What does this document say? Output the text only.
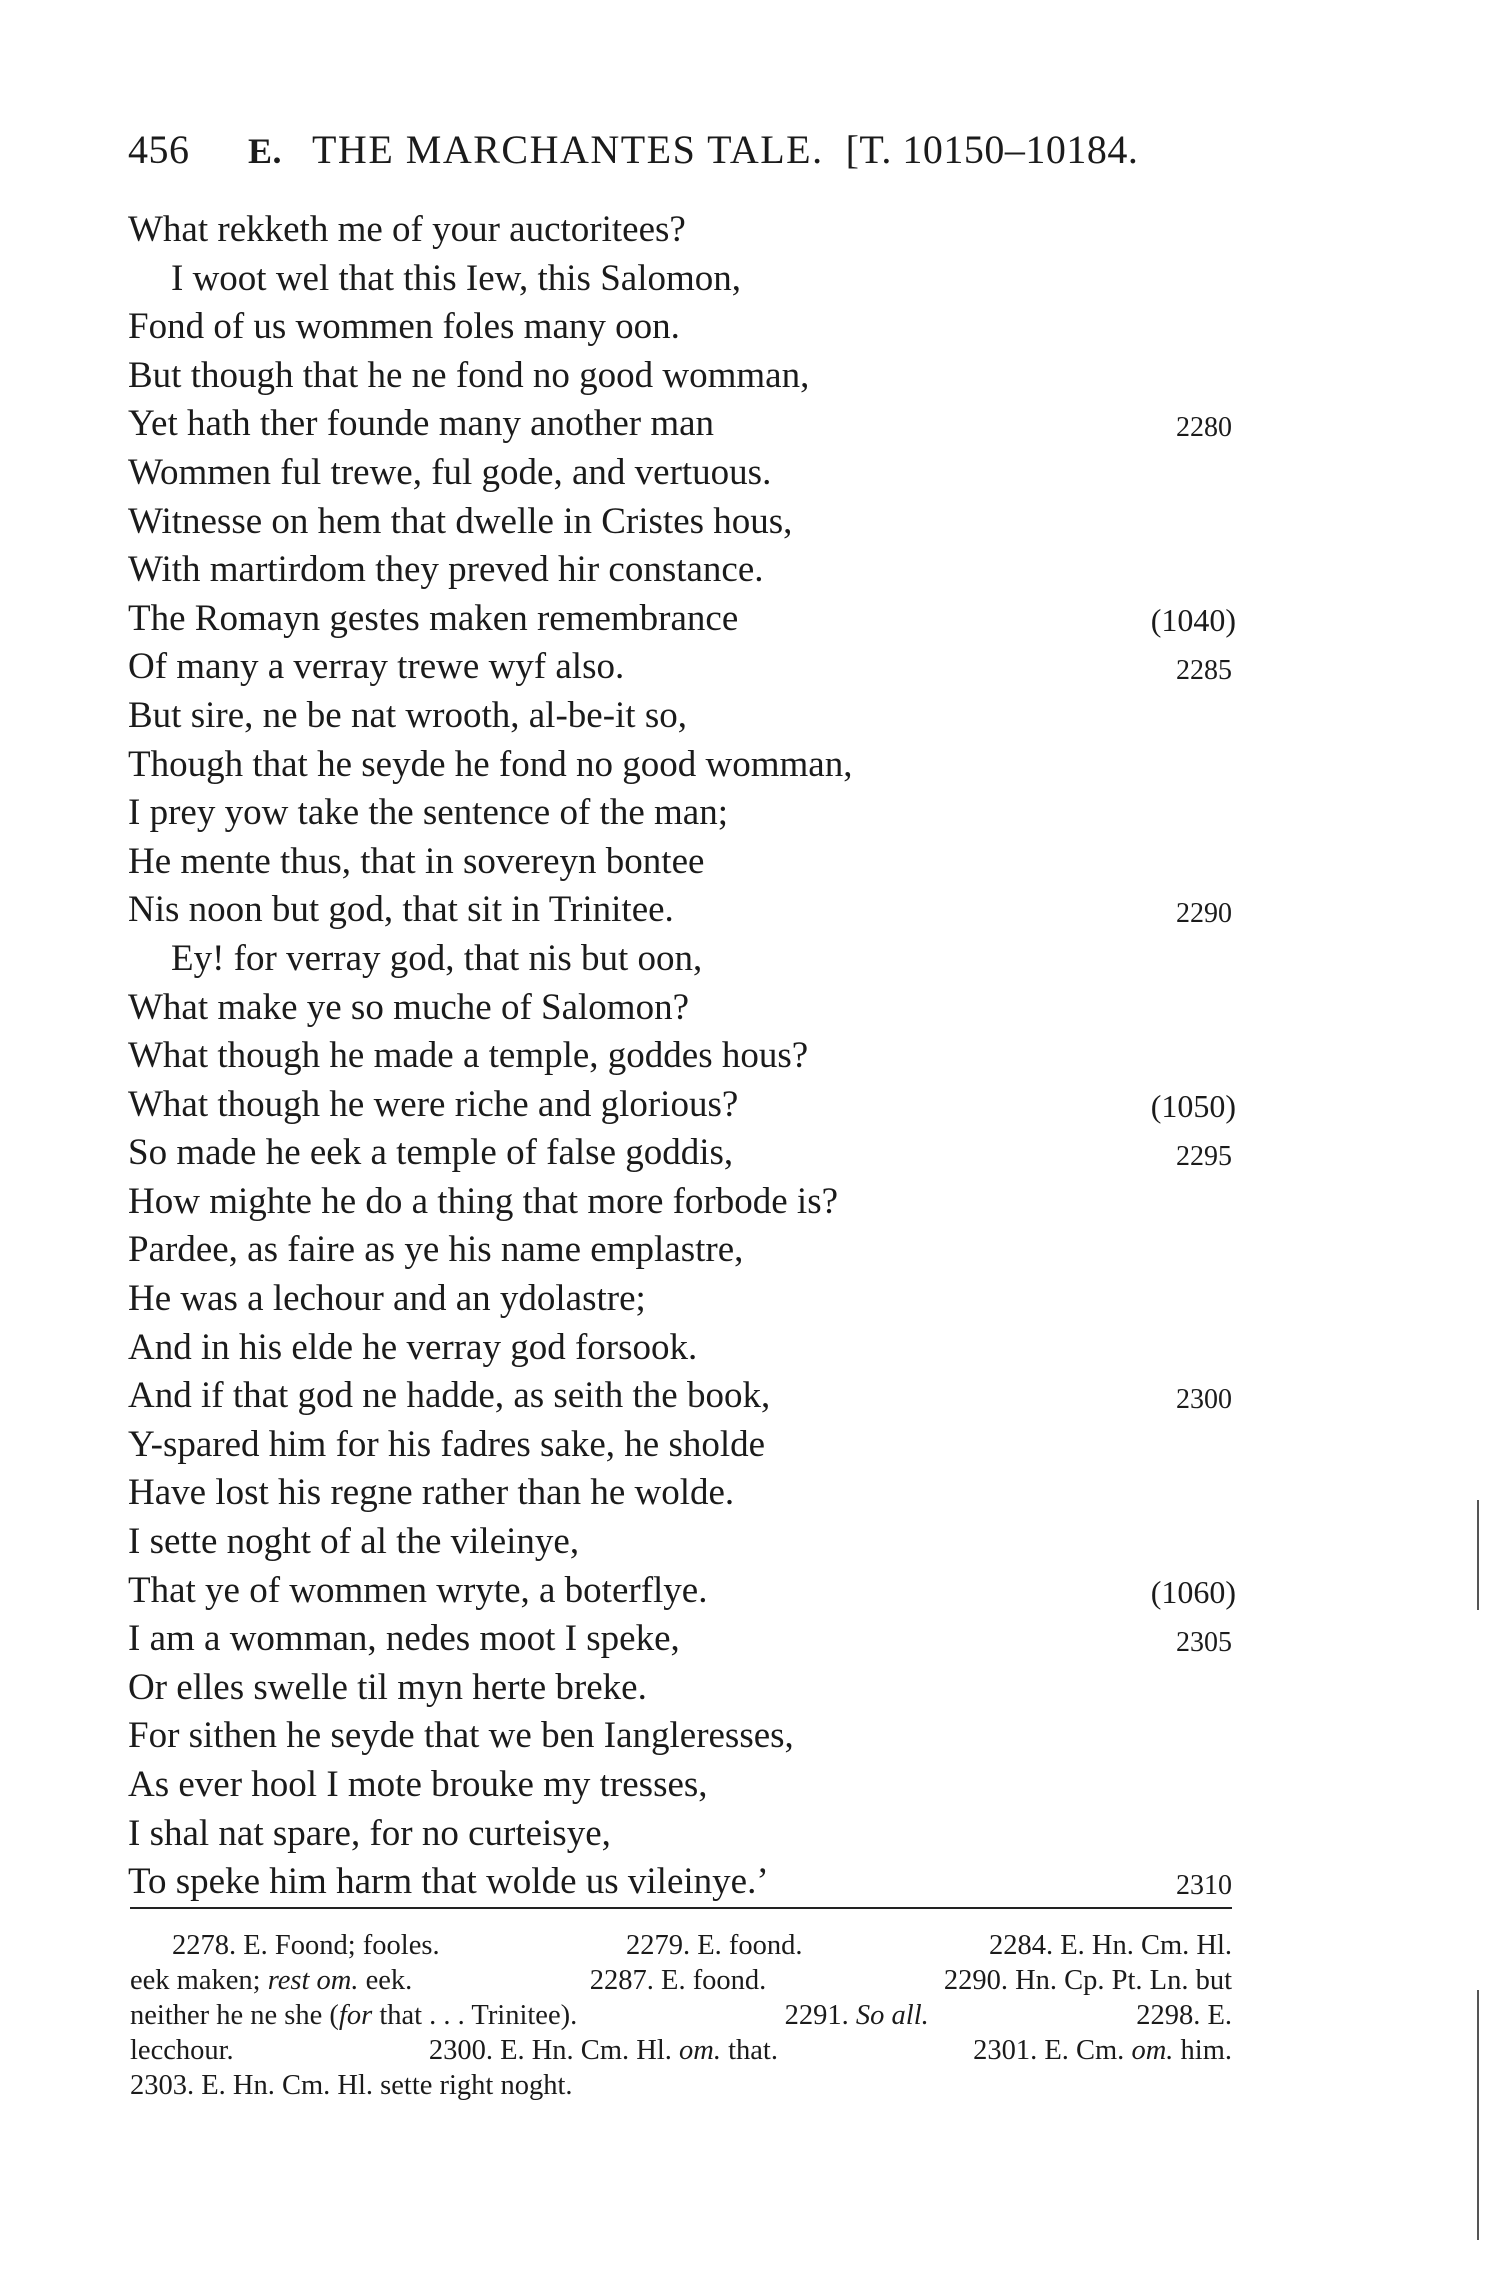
456 E. THE MARCHANTES TALE. [T. 10150–10184.
What rekketh me of your auctoritees?
I woot wel that this Iew, this Salomon,
Fond of us wommen foles many oon.
But though that he ne fond no good womman,
Yet hath ther founde many another man	2280
Wommen ful trewe, ful gode, and vertuous.
Witnesse on hem that dwelle in Cristes hous,
With martirdom they preved hir constance.
The Romayn gestes maken remembrance	(1040)
Of many a verray trewe wyf also.	2285
But sire, ne be nat wrooth, al-be-it so,
Though that he seyde he fond no good womman,
I prey yow take the sentence of the man;
He mente thus, that in sovereyn bontee
Nis noon but god, that sit in Trinitee.	2290
Ey! for verray god, that nis but oon,
What make ye so muche of Salomon?
What though he made a temple, goddes hous?
What though he were riche and glorious?	(1050)
So made he eek a temple of false goddis,	2295
How mighte he do a thing that more forbode is?
Pardee, as faire as ye his name emplastre,
He was a lechour and an ydolastre;
And in his elde he verray god forsook.
And if that god ne hadde, as seith the book,	2300
Y-spared him for his fadres sake, he sholde
Have lost his regne rather than he wolde.
I sette noght of al the vileinye,
That ye of wommen wryte, a boterflye.	(1060)
I am a womman, nedes moot I speke,	2305
Or elles swelle til myn herte breke.
For sithen he seyde that we ben Iangleresses,
As ever hool I mote brouke my tresses,
I shal nat spare, for no curteisye,
To speke him harm that wolde us vileinye.’	2310
2278. E. Foond; fooles.	2279. E. foond.	2284. E. Hn. Cm. Hl.
eek maken; rest om. eek.	2287. E. foond.	2290. Hn. Cp. Pt. Ln. but
neither he ne she (for that . . . Trinitee).	2291. So all.	2298. E.
lecchour.	2300. E. Hn. Cm. Hl. om. that.	2301. E. Cm. om. him.
2303. E. Hn. Cm. Hl. sette right noght.
